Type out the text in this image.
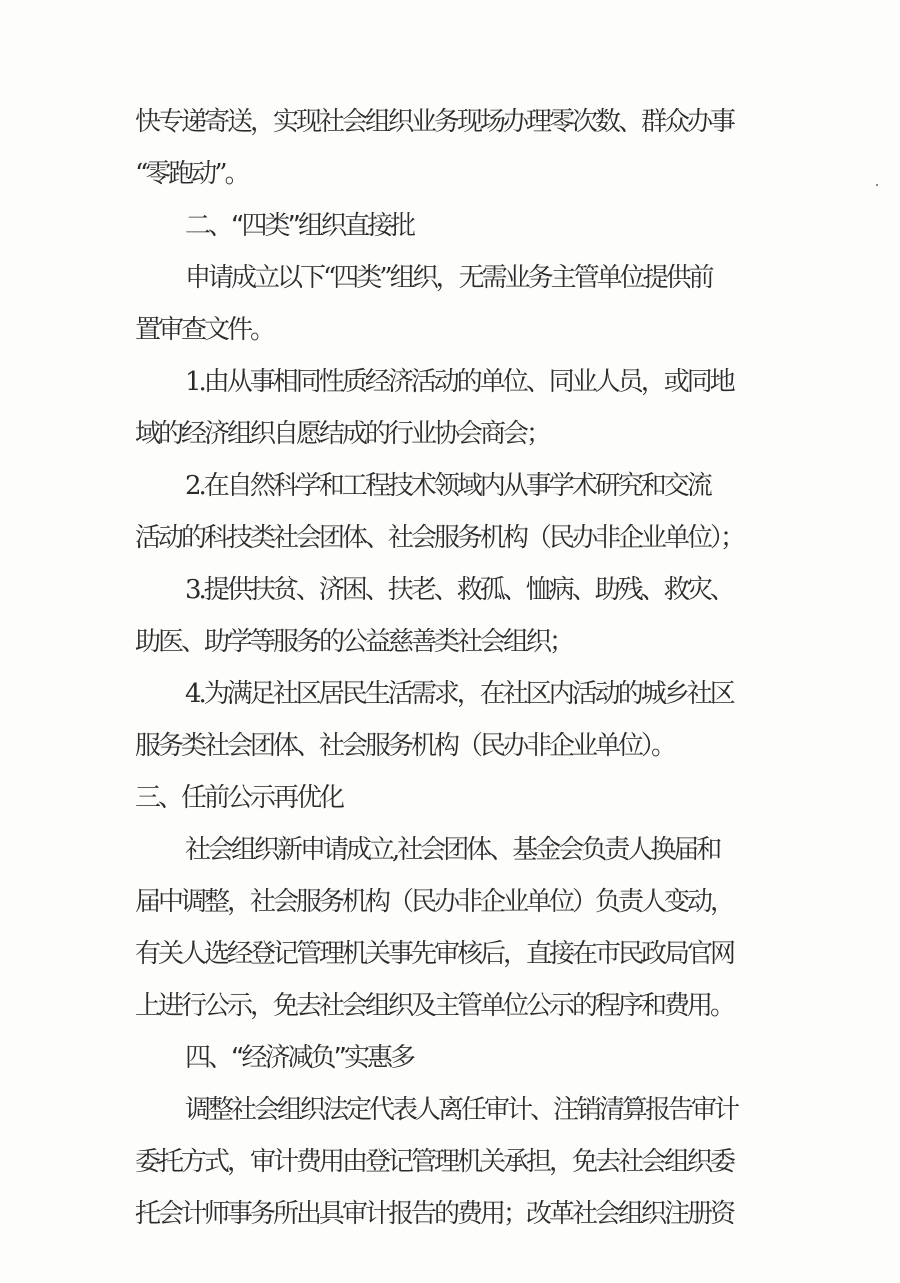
快专递寄送，实现社会组织业务现场办理零次数、群众办事
“零跑动”。
二、“四类”组织直接批
申请成立以下“四类”组织，无需业务主管单位提供前
置审查文件。
1.由从事相同性质经济活动的单位、同业人员，或同地
域的经济组织自愿结成的行业协会商会；
2.在自然科学和工程技术领域内从事学术研究和交流
活动的科技类社会团体、社会服务机构（民办非企业单位）；
3.提供扶贫、济困、扶老、救孤、恤病、助残、救灾、
助医、助学等服务的公益慈善类社会组织；
4.为满足社区居民生活需求，在社区内活动的城乡社区
服务类社会团体、社会服务机构（民办非企业单位）。
三、任前公示再优化
社会组织新申请成立,社会团体、基金会负责人换届和
届中调整，社会服务机构（民办非企业单位）负责人变动，
有关人选经登记管理机关事先审核后，直接在市民政局官网
上进行公示，免去社会组织及主管单位公示的程序和费用。
四、“经济减负”实惠多
调整社会组织法定代表人离任审计、注销清算报告审计
委托方式，审计费用由登记管理机关承担，免去社会组织委
托会计师事务所出具审计报告的费用；改革社会组织注册资
